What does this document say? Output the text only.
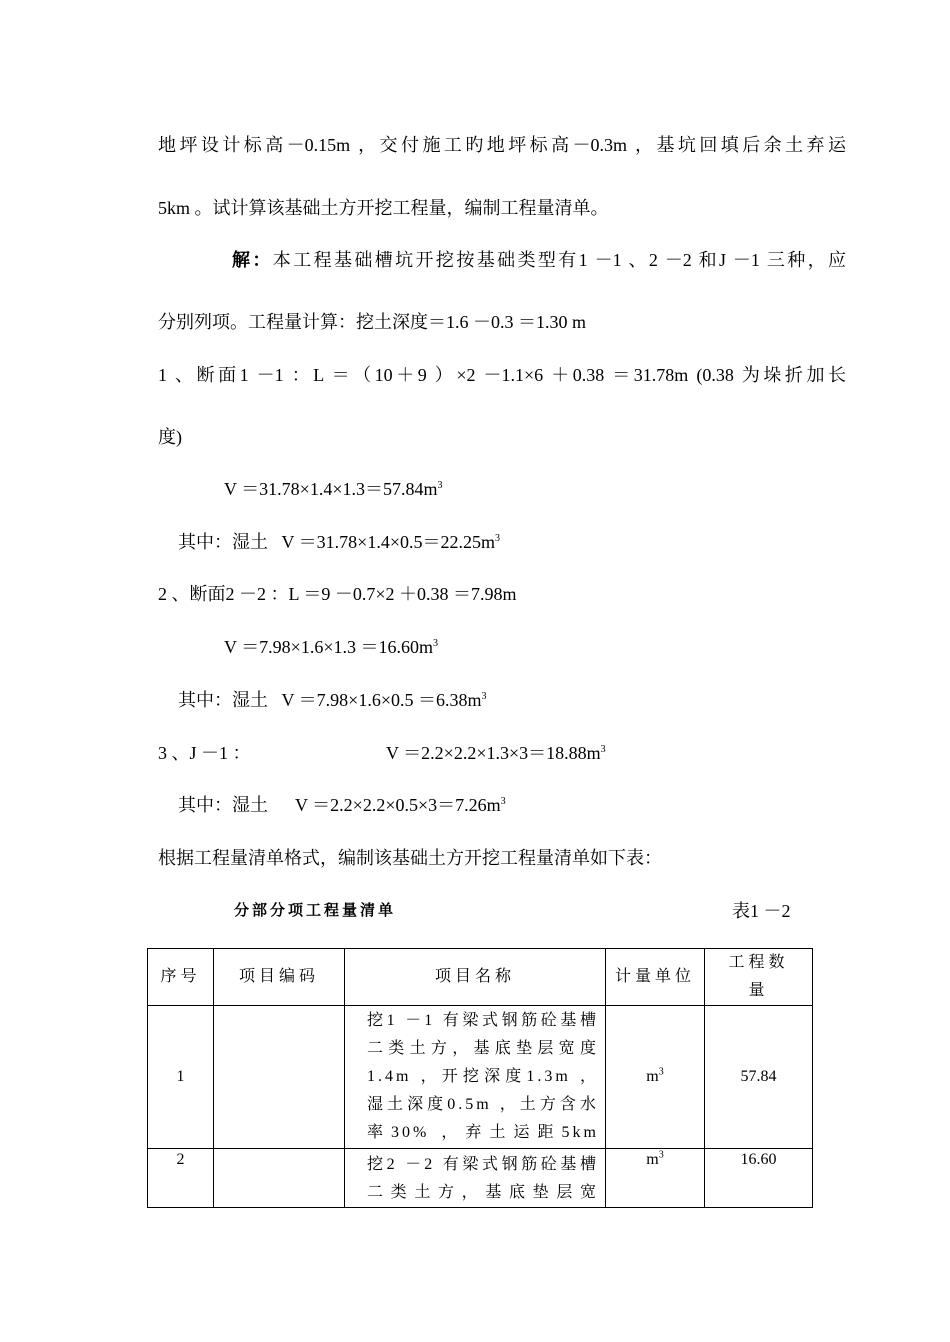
地坪设计标高－0.15m ，交付施工旳地坪标高－0.3m ，基坑回填后余土弃运
5km 。试计算该基础土方开挖工程量，编制工程量清单。
解：本工程基础槽坑开挖按基础类型有1 －1 、2 －2 和J －1 三种，应
分别列项。工程量计算：挖土深度＝1.6 －0.3 ＝1.30 m
1 、断面1 －1 ：L ＝（10＋9 ）×2 －1.1×6 ＋0.38 ＝31.78m (0.38 为垛折加长
度)
$V =31.78\times 1.4\times 1.3=57.84m^3$
其中：湿土   $V =31.78\times 1.4\times 0.5=22.25m^3$
2 、断面2 －2 ：L ＝9 －0.7×2 ＋0.38 ＝7.98m
$V =7.98\times 1.6\times 1.3 =16.60m^3$
其中：湿土   $V =7.98\times 1.6\times 0.5 =6.38m^3$
3 、J －1 ：	$V =2.2\times 2.2\times 1.3\times 3=18.88m^3$
其中：湿土      $V =2.2\times 2.2\times 0.5\times 3=7.26m^3$
根据工程量清单格式，编制该基础土方开挖工程量清单如下表：
分部分项工程量清单	表1 －2
序号	项目编码	项目名称	计量单位	工程数量
1		挖1 －1 有梁式钢筋砼基槽二类土方，基底垫层宽度1.4m ，开挖深度1.3m ，湿土深度0.5m ，土方含水率30% ，弃土运距5km	$m^3$	57.84
2		挖2 －2 有梁式钢筋砼基槽二类土方，基底垫层宽	$m^3$	16.60
